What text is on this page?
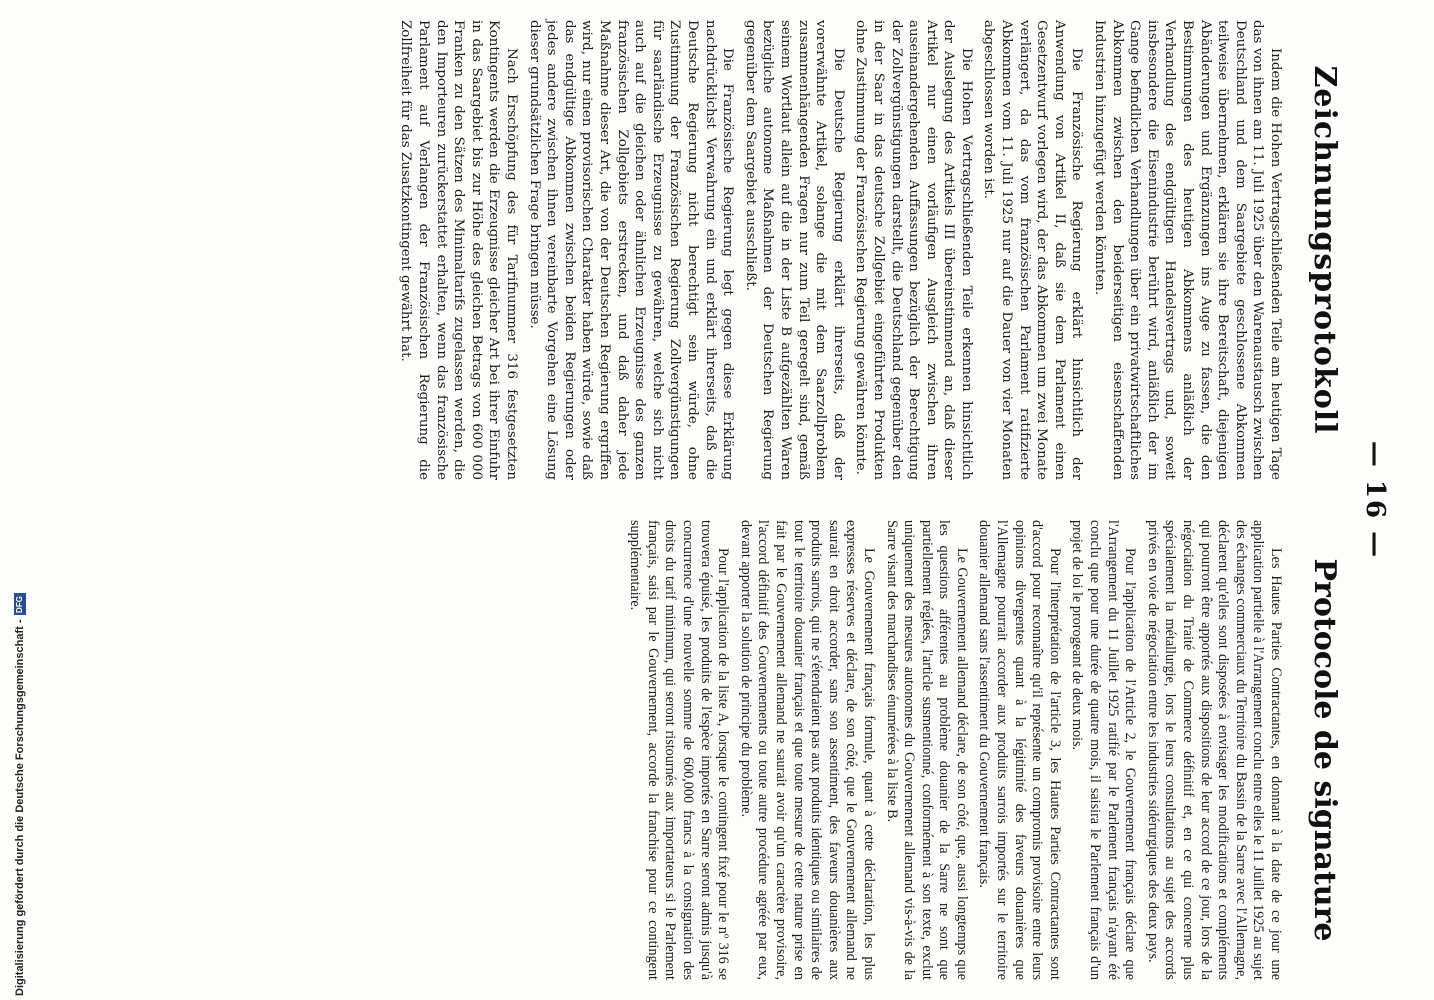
— 16 —
Protocole de signature
Zeichnungsprotokoll

Les Hautes Parties Contractantes, en donnant à la date de ce jour une application partielle à l'Arrangement conclu entre elles le 11 Juillet 1925 au sujet des échanges commerciaux du Territoire du Bassin de la Sarre avec l'Allemagne, déclarent qu'elles sont disposées à envisager les modifications et compléments qui pourront être apportés aux dispositions de leur accord de ce jour, lors de la négociation du Traité de Commerce définitif et, en ce qui concerne plus spécialement la métallurgie, lors le leurs consultations au sujet des accords privés en voie de négociation entre les industries sidérurgiques des deux pays.

Pour l'application de l'Article 2, le Gouvernement français déclare que l'Arrangement du 11 Juillet 1925 ratifié par le Parlement français n'ayant été conclu que pour une durée de quatre mois, il saisira le Parlement français d'un projet de loi le prorogeant de deux mois.

Pour l'interprétation de l'article 3, les Hautes Parties Contractantes sont d'accord pour reconnaître qu'il représente un compromis provisoire entre leurs opinions divergentes quant à la légitimité des faveurs douanières que l'Allemagne pourrait accorder aux produits sarrois importés sur le territoire douanier allemand sans l'assentiment du Gouvernement français.

Le Gouvernement allemand déclare, de son côté, que, aussi longtemps que les questions afférentes au problème douanier de la Sarre ne sont que partiellement réglées, l'article susmentionné, conformément à son texte, exclut uniquement des mesures autonomes du Gouvernement allemand vis-à-vis de la Sarre visant des marchandises énumérées à la liste B.

Le Gouvernement français formule, quant à cette déclaration, les plus expresses réserves et déclare, de son côté, que le Gouvernement allemand ne saurait en droit accorder, sans son assentiment, des faveurs douanières aux produits sarrois, qui ne s'étendraient pas aux produits identiques ou similaires de tout le territoire douanier français et que toute mesure de cette nature prise en fait par le Gouvernement allemand ne saurait avoir qu'un caractère provisoire, l'accord définitif des Gouvernements ou toute autre procédure agréée par eux, devant apporter la solution de principe du problème.

Pour l'application de la liste A, lorsque le contingent fixé pour le nº 316 se trouvera épuisé, les produits de l'espèce importés en Sarre seront admis jusqu'à concurrence d'une nouvelle somme de 600,000 francs à la consignation des droits du tarif minimum, qui seront ristournés aux importateurs si le Parlement français, saisi par le Gouvernement, accorde la franchise pour ce contingent supplémentaire.

Indem die Hohen Vertragschließenden Teile am heutigen Tage das von ihnen am 11. Juli 1925 über den Warenaustausch zwischen Deutschland und dem Saargebiete geschlossene Abkommen teilweise übernehmen, erklären sie ihre Bereitschaft, diejenigen Abänderungen und Ergänzungen ins Auge zu fassen, die den Bestimmungen des heutigen Abkommens anläßlich der Verhandlung des endgültigen Handelsvertrags und, soweit insbesondere die Eisenindustrie berührt wird, anläßlich der im Gange befindlichen Verhandlungen über ein privatwirtschaftliches Abkommen zwischen den beiderseitigen eisenschaffenden Industrien hinzugefügt werden könnten.

Die Französische Regierung erklärt hinsichtlich der Anwendung von Artikel II, daß sie dem Parlament einen Gesetzentwurf vorlegen wird, der das Abkommen um zwei Monate verlängert, da das vom französischen Parlament ratifizierte Abkommen vom 11. Juli 1925 nur auf die Dauer von vier Monaten abgeschlossen worden ist.

Die Hohen Vertragschließenden Teile erkennen hinsichtlich der Auslegung des Artikels III übereinstimmend an, daß dieser Artikel nur einen vorläufigen Ausgleich zwischen ihren auseinandergehenden Auffassungen bezüglich der Berechtigung der Zollvergünstigungen darstellt, die Deutschland gegenüber den in der Saar in das deutsche Zollgebiet eingeführten Produkten ohne Zustimmung der Französischen Regierung gewähren könnte.

Die Deutsche Regierung erklärt ihrerseits, daß der vorerwähnte Artikel, solange die mit dem Saarzollproblem zusammenhängenden Fragen nur zum Teil geregelt sind, gemäß seinem Wortlaut allein auf die in der Liste B aufgezählten Waren bezügliche autonome Maßnahmen der Deutschen Regierung gegenüber dem Saargebiet ausschließt.

Die Französische Regierung legt gegen diese Erklärung nachdrücklichst Verwahrung ein und erklärt ihrerseits, daß die Deutsche Regierung nicht berechtigt sein würde, ohne Zustimmung der Französischen Regierung Zollvergünstigungen für saarländische Erzeugnisse zu gewähren, welche sich nicht auch auf die gleichen oder ähnlichen Erzeugnisse des ganzen französischen Zollgebiets erstrecken, und daß daher jede Maßnahme dieser Art, die von der Deutschen Regierung ergriffen wird, nur einen provisorischen Charakter haben würde, sowie daß das endgültige Abkommen zwischen beiden Regierungen oder jedes andere zwischen ihnen vereinbarte Vorgehen eine Lösung dieser grundsätzlichen Frage bringen müsse.

Nach Erschöpfung des für Tarifnummer 316 festgesetzten Kontingents werden die Erzeugnisse gleicher Art bei ihrer Einfuhr in das Saargebiet bis zur Höhe des gleichen Betrags von 600 000 Franken zu den Sätzen des Minimaltarifs zugelassen werden, die den Importeuren zurückerstattet erhalten, wenn das französische Parlament auf Verlangen der Französischen Regierung die Zollfreiheit für das Zusatzkontingent gewährt hat.

Digitalisierung gefördert durch die Deutsche Forschungsgemeinschaft -DFG
